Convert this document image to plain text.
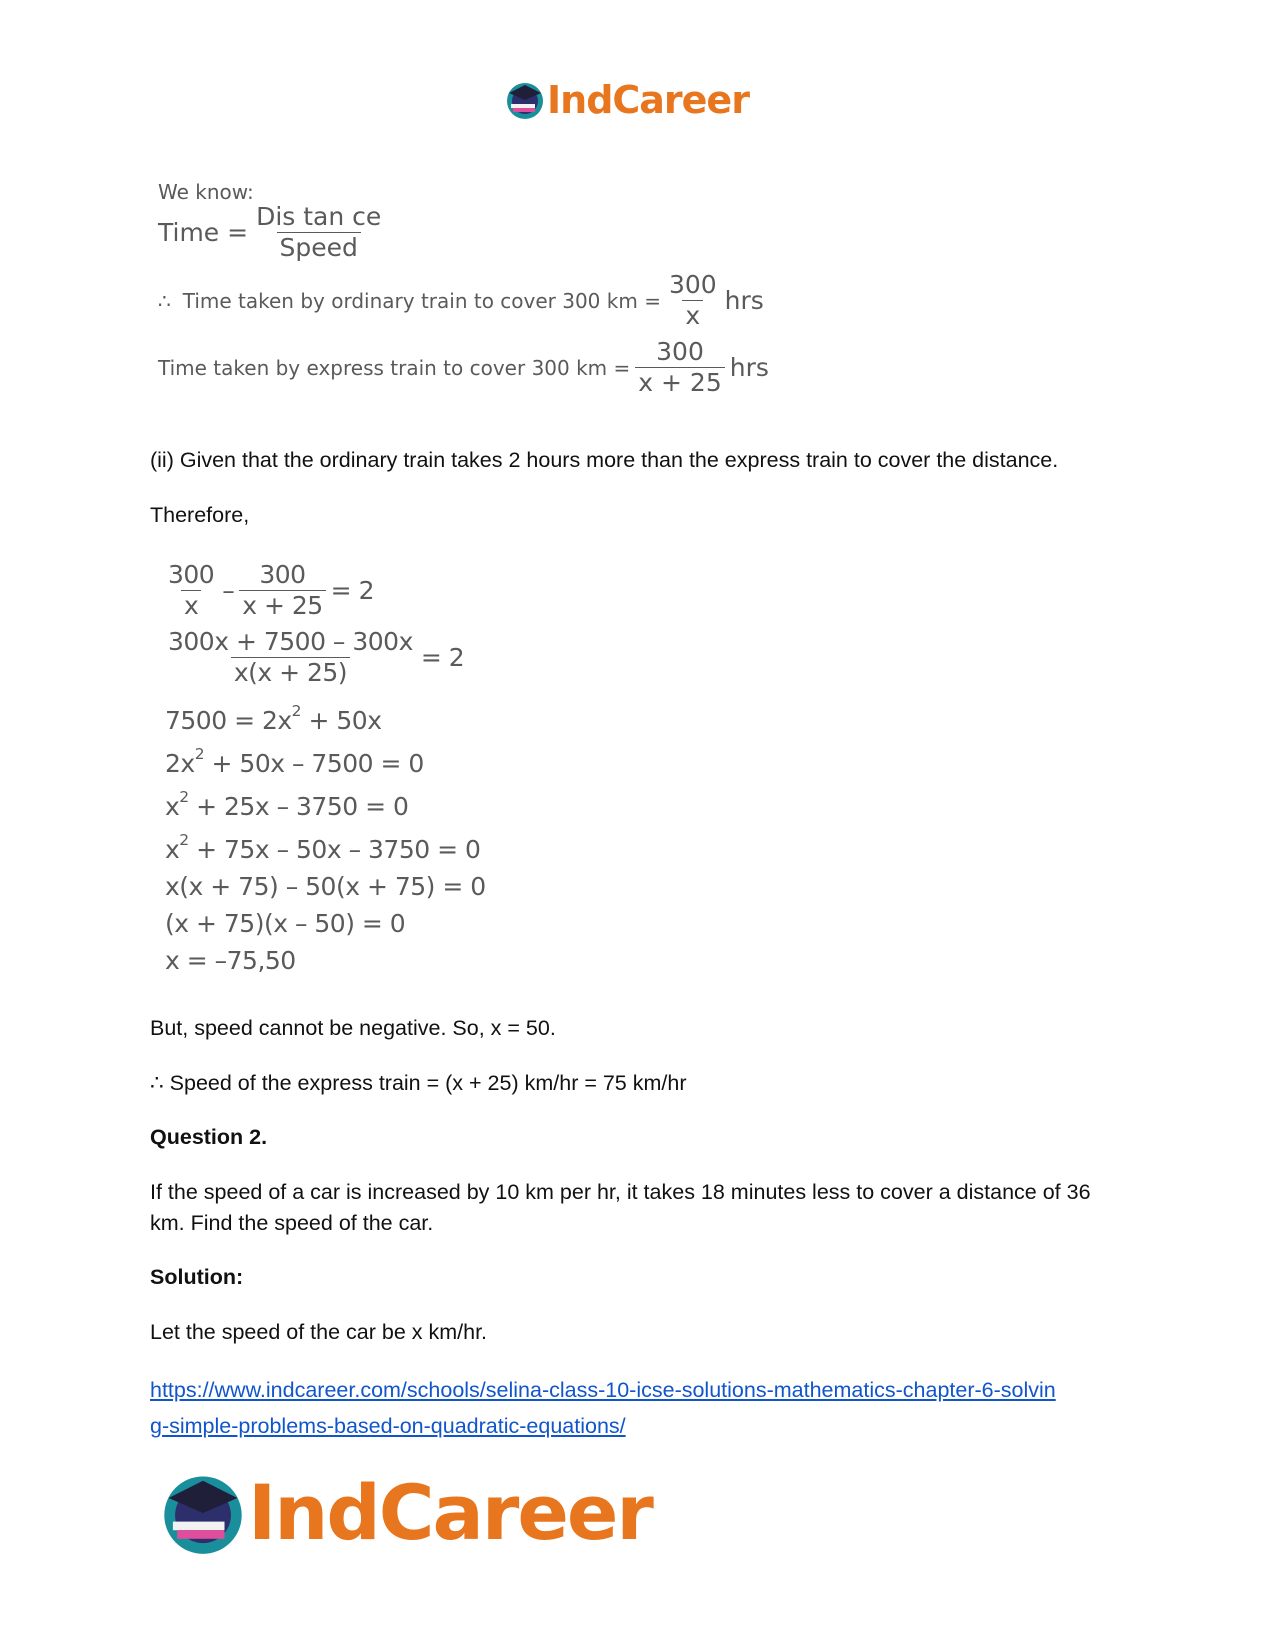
IndCareer
We know:
Time = $\frac{\text{Dis tan ce}}{\text{Speed}}$
∴ Time taken by ordinary train to cover 300 km = $\frac{300}{x}$ hrs
Time taken by express train to cover 300 km = $\frac{300}{x + 25}$ hrs

(ii) Given that the ordinary train takes 2 hours more than the express train to cover the distance.

Therefore,

$\frac{300}{x} - \frac{300}{x + 25} = 2$
$\frac{300x + 7500 - 300x}{x(x + 25)} = 2$
7500 = 2x 2
+ 50x
2x 2
+ 50x – 7500 = 0
x 2
+ 25x – 3750 = 0
x 2
+ 75x – 50x – 3750 = 0
x(x + 75) – 50(x + 75) = 0
(x + 75)(x – 50) = 0
x = –75,50

But, speed cannot be negative. So, x = 50.

∴ Speed of the express train = (x + 25) km/hr = 75 km/hr

Question 2.

If the speed of a car is increased by 10 km per hr, it takes 18 minutes less to cover a distance of 36 km. Find the speed of the car.

Solution:

Let the speed of the car be x km/hr.

https://www.indcareer.com/schools/selina-class-10-icse-solutions-mathematics-chapter-6-solvin
g-simple-problems-based-on-quadratic-equations/
IndCareer
